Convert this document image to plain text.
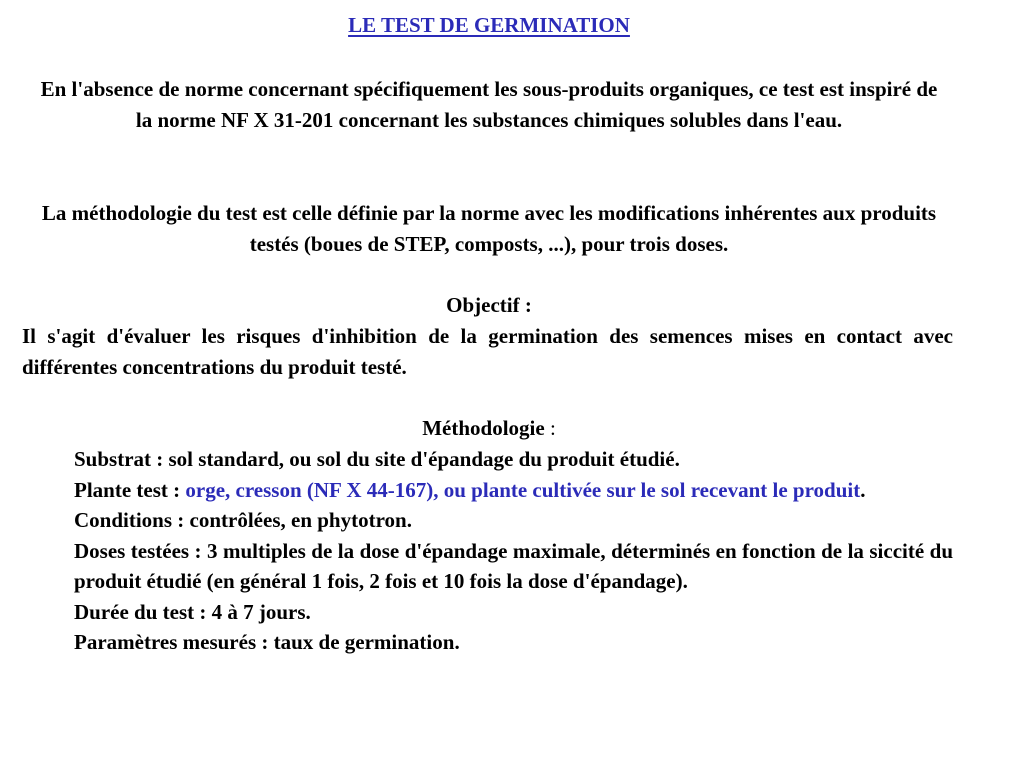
LE TEST DE GERMINATION
En l'absence de norme concernant spécifiquement les sous-produits organiques, ce test est inspiré de la norme NF X 31-201 concernant les substances chimiques solubles dans l'eau.
La méthodologie du test est celle définie par la norme avec les modifications inhérentes aux produits testés (boues de STEP, composts, ...), pour trois doses.
Objectif :
Il s'agit d'évaluer les risques d'inhibition de la germination des semences mises en contact avec différentes concentrations du produit testé.
Méthodologie :
Substrat : sol standard, ou sol du site d'épandage du produit étudié.
Plante test : orge, cresson (NF X 44-167), ou plante cultivée sur le sol recevant le produit.
Conditions : contrôlées, en phytotron.
Doses testées : 3 multiples de la dose d'épandage maximale, déterminés en fonction de la siccité du produit étudié (en général 1 fois, 2 fois et 10 fois la dose d'épandage).
Durée du test : 4 à 7 jours.
Paramètres mesurés : taux de germination.
